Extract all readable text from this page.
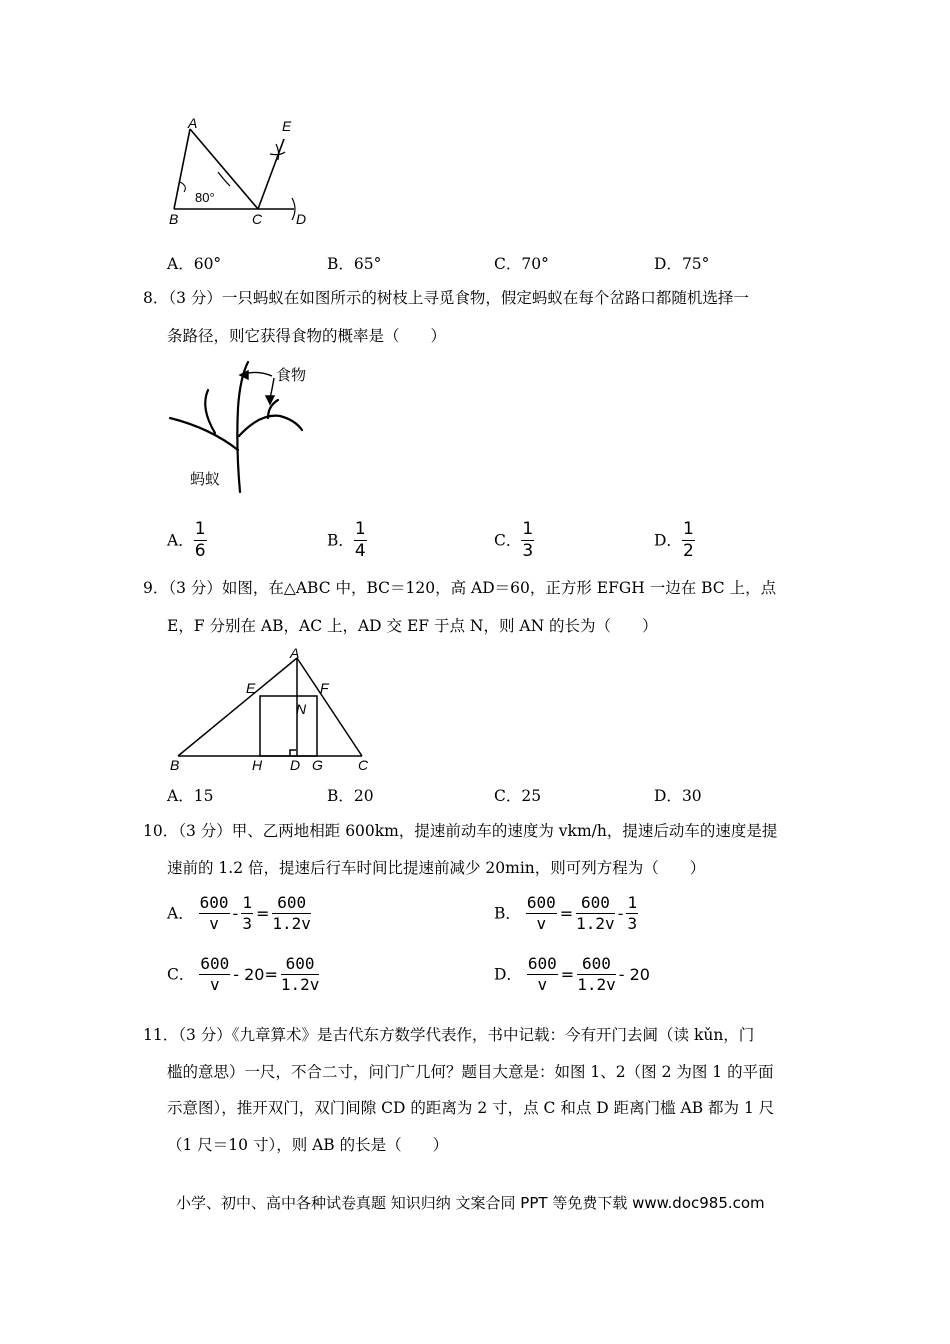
A	E
B	C D
80°
A．60°	B．65°	C．70°	D．75°
8．（3 分）一只蚂蚁在如图所示的树枝上寻觅食物，假定蚂蚁在每个岔路口都随机选择一
条路径，则它获得食物的概率是（　　）
食物
蚂蚁
A． $\frac{1}{6}$	B． $\frac{1}{4}$	C． $\frac{1}{3}$	D． $\frac{1}{2}$
9．（3 分）如图，在△ABC 中，BC＝120，高 AD＝60，正方形 EFGH 一边在 BC 上，点
E，F 分别在 AB，AC 上，AD 交 EF 于点 N，则 AN 的长为（　　）
A
E	F
N
B	H D G	C
A．15	B．20	C．25	D．30
10．（3 分）甲、乙两地相距 600km，提速前动车的速度为 vkm/h，提速后动车的速度是提
速前的 1.2 倍，提速后行车时间比提速前减少 20min，则可列方程为（　　）
A． $\frac{600}{v} - \frac{1}{3} = \frac{600}{1.2v}$	B． $\frac{600}{v} = \frac{600}{1.2v} - \frac{1}{3}$
C． $\frac{600}{v} - 20= \frac{600}{1.2v}$	D． $\frac{600}{v} = \frac{600}{1.2v} - 20$
11．（3 分）《九章算术》是古代东方数学代表作，书中记载：今有开门去阃（读 kǔn，门
槛的意思）一尺，不合二寸，问门广几何？题目大意是：如图 1、2（图 2 为图 1 的平面
示意图），推开双门，双门间隙 CD 的距离为 2 寸，点 C 和点 D 距离门槛 AB 都为 1 尺
（1 尺＝10 寸），则 AB 的长是（　　）
小学、初中、高中各种试卷真题 知识归纳 文案合同 PPT 等免费下载 www.doc985.com
